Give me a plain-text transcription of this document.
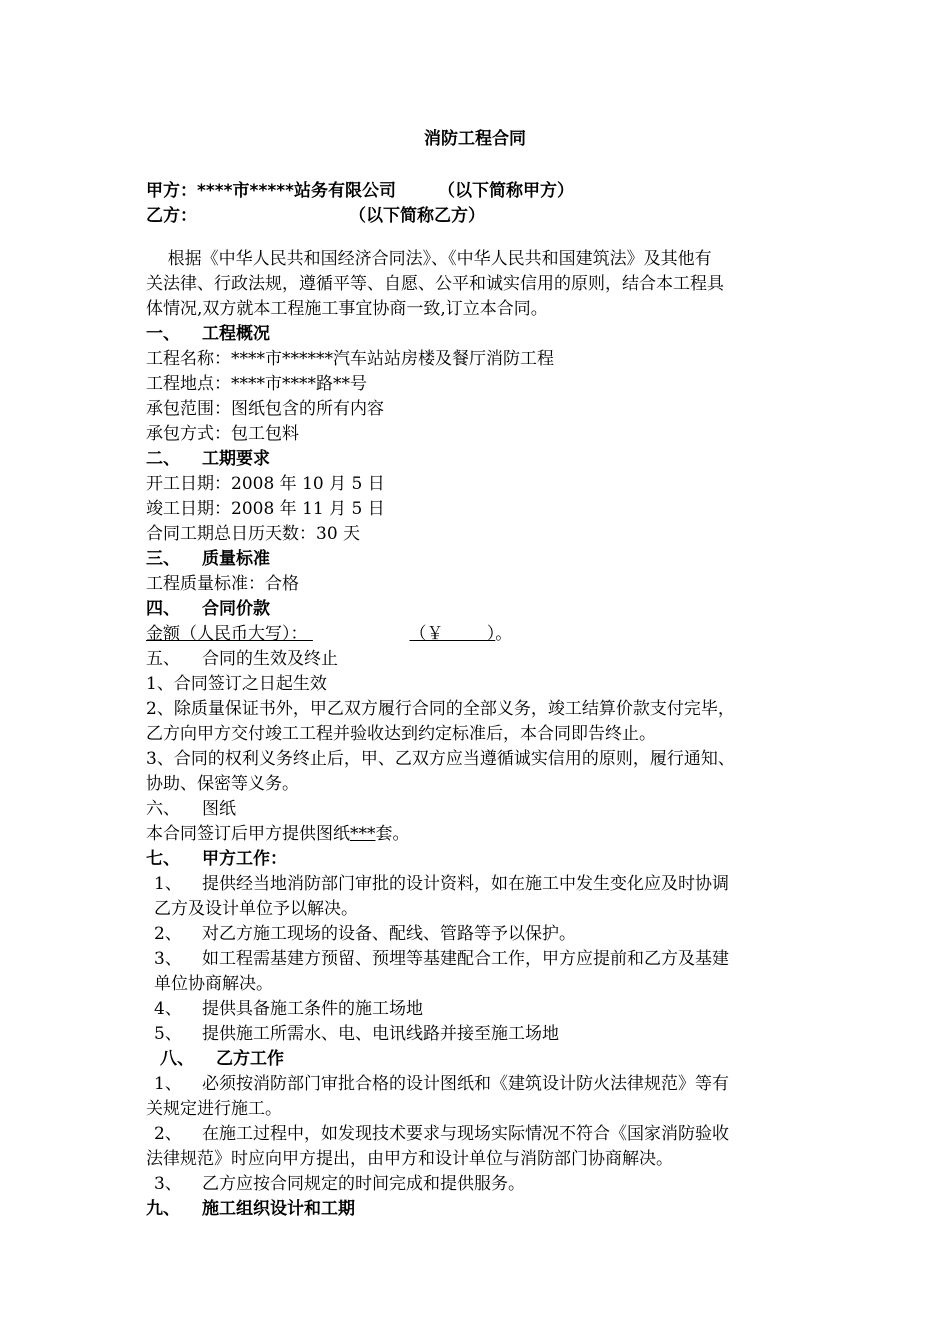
消防工程合同
甲方：****市*****站务有限公司 （以下简称甲方）
乙方：	（以下简称乙方）
根据《中华人民共和国经济合同法》、《中华人民共和国建筑法》及其他有
关法律、行政法规，遵循平等、自愿、公平和诚实信用的原则，结合本工程具
体情况,双方就本工程施工事宜协商一致,订立本合同。
一、 工程概况
工程名称：****市******汽车站站房楼及餐厅消防工程
工程地点：****市****路**号
承包范围：图纸包含的所有内容
承包方式：包工包料
二、 工期要求
开工日期：2008 年 10 月 5 日
竣工日期：2008 年 11 月 5 日
合同工期总日历天数：30 天
三、 质量标准
工程质量标准：合格
四、 合同价款
金额（人民币大写）：	（￥        ）。
五、 合同的生效及终止
1、合同签订之日起生效
2、除质量保证书外，甲乙双方履行合同的全部义务，竣工结算价款支付完毕，
乙方向甲方交付竣工工程并验收达到约定标准后，本合同即告终止。
3、合同的权利义务终止后，甲、乙双方应当遵循诚实信用的原则，履行通知、
协助、保密等义务。
六、 图纸
本合同签订后甲方提供图纸***套。
七、 甲方工作：
1、 提供经当地消防部门审批的设计资料，如在施工中发生变化应及时协调
乙方及设计单位予以解决。
2、 对乙方施工现场的设备、配线、管路等予以保护。
3、 如工程需基建方预留、预埋等基建配合工作，甲方应提前和乙方及基建
单位协商解决。
4、 提供具备施工条件的施工场地
5、 提供施工所需水、电、电讯线路并接至施工场地
八、 乙方工作
1、 必须按消防部门审批合格的设计图纸和《建筑设计防火法律规范》等有
关规定进行施工。
2、 在施工过程中，如发现技术要求与现场实际情况不符合《国家消防验收
法律规范》时应向甲方提出，由甲方和设计单位与消防部门协商解决。
3、 乙方应按合同规定的时间完成和提供服务。
九、 施工组织设计和工期
